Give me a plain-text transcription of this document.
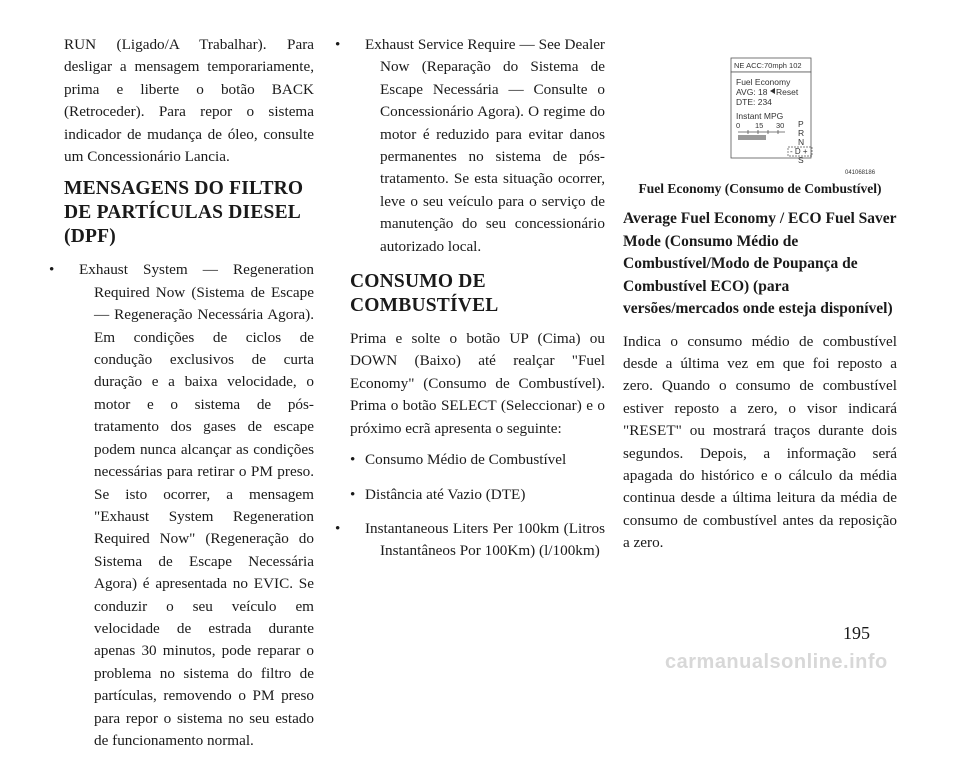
RUN (Ligado/A Trabalhar). Para desligar a mensagem temporariamente, prima e liberte o botão BACK (Retroceder). Para repor o sistema indicador de mudança de óleo, consulte um Concessionário Lancia.

MENSAGENS DO FILTRO DE PARTÍCULAS DIESEL (DPF)
• Exhaust System — Regeneration Required Now (Sistema de Escape — Regeneração Necessária Agora). Em condições de ciclos de condução exclusivos de curta duração e a baixa velocidade, o motor e o sistema de pós-tratamento dos gases de escape podem nunca alcançar as condições necessárias para retirar o PM preso. Se isto ocorrer, a mensagem "Exhaust System Regeneration Required Now" (Regeneração do Sistema de Escape Necessária Agora) é apresentada no EVIC. Se conduzir o seu veículo em velocidade de estrada durante apenas 30 minutos, pode reparar o problema no sistema do filtro de partículas, removendo o PM preso para repor o sistema no seu estado de funcionamento normal.
• Exhaust Service Require — See Dealer Now (Reparação do Sistema de Escape Necessária — Consulte o Concessionário Agora). O regime do motor é reduzido para evitar danos permanentes no sistema de pós-tratamento. Se esta situação ocorrer, leve o seu veículo para o serviço de manutenção do seu concessionário autorizado local.
CONSUMO DE COMBUSTÍVEL

Prima e solte o botão UP (Cima) ou DOWN (Baixo) até realçar "Fuel Economy" (Consumo de Combustível). Prima o botão SELECT (Seleccionar) e o próximo ecrã apresenta o seguinte:

• Consumo Médio de Combustível
• Distância até Vazio (DTE)
• Instantaneous Liters Per 100km (Litros Instantâneos Por 100Km) (l/100km)
NE ACC:70mph 102
Fuel Economy
AVG: 18 Reset
DTE: 234
Instant MPG
0 15 30 P
R
N
- D +
S
041068186
Fuel Economy (Consumo de Combustível)
Average Fuel Economy / ECO Fuel Saver Mode (Consumo Médio de Combustível/Modo de Poupança de Combustível ECO) (para versões/mercados onde esteja disponível)

Indica o consumo médio de combustível desde a última vez em que foi reposto a zero. Quando o consumo de combustível estiver reposto a zero, o visor indicará "RESET" ou mostrará traços durante dois segundos. Depois, a informação será apagada do histórico e o cálculo da média continua desde a última leitura da média de consumo de combustível antes da reposição a zero.

195
carmanualsonline.info
